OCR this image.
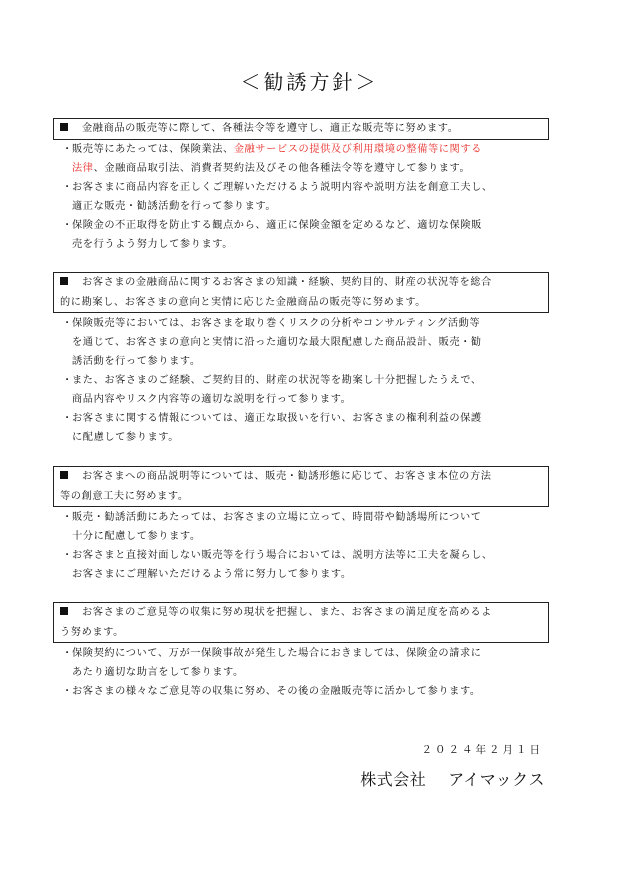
＜勧誘方針＞
金融商品の販売等に際して、各種法令等を遵守し、適正な販売等に努めます。

・販売等にあたっては、保険業法、金融サービスの提供及び利用環境の整備等に関する
法律、金融商品取引法、消費者契約法及びその他各種法令等を遵守して参ります。

・お客さまに商品内容を正しくご理解いただけるよう説明内容や説明方法を創意工夫し、
適正な販売・勧誘活動を行って参ります。

・保険金の不正取得を防止する観点から、適正に保険金額を定めるなど、適切な保険販
売を行うよう努力して参ります。

お客さまの金融商品に関するお客さまの知識・経験、契約目的、財産の状況等を総合
的に勘案し、お客さまの意向と実情に応じた金融商品の販売等に努めます。

・保険販売等においては、お客さまを取り巻くリスクの分析やコンサルティング活動等
を通じて、お客さまの意向と実情に沿った適切な最大限配慮した商品設計、販売・勧
誘活動を行って参ります。

・また、お客さまのご経験、ご契約目的、財産の状況等を勘案し十分把握したうえで、
商品内容やリスク内容等の適切な説明を行って参ります。

・お客さまに関する情報については、適正な取扱いを行い、お客さまの権利利益の保護
に配慮して参ります。

お客さまへの商品説明等については、販売・勧誘形態に応じて、お客さま本位の方法
等の創意工夫に努めます。

・販売・勧誘活動にあたっては、お客さまの立場に立って、時間帯や勧誘場所について
十分に配慮して参ります。

・お客さまと直接対面しない販売等を行う場合においては、説明方法等に工夫を凝らし、
お客さまにご理解いただけるよう常に努力して参ります。

お客さまのご意見等の収集に努め現状を把握し、また、お客さまの満足度を高めるよ
う努めます。

・保険契約について、万が一保険事故が発生した場合におきましては、保険金の請求に
あたり適切な助言をして参ります。

・お客さまの様々なご意見等の収集に努め、その後の金融販売等に活かして参ります。

２０２４年２月１日
株式会社 アイマックス
